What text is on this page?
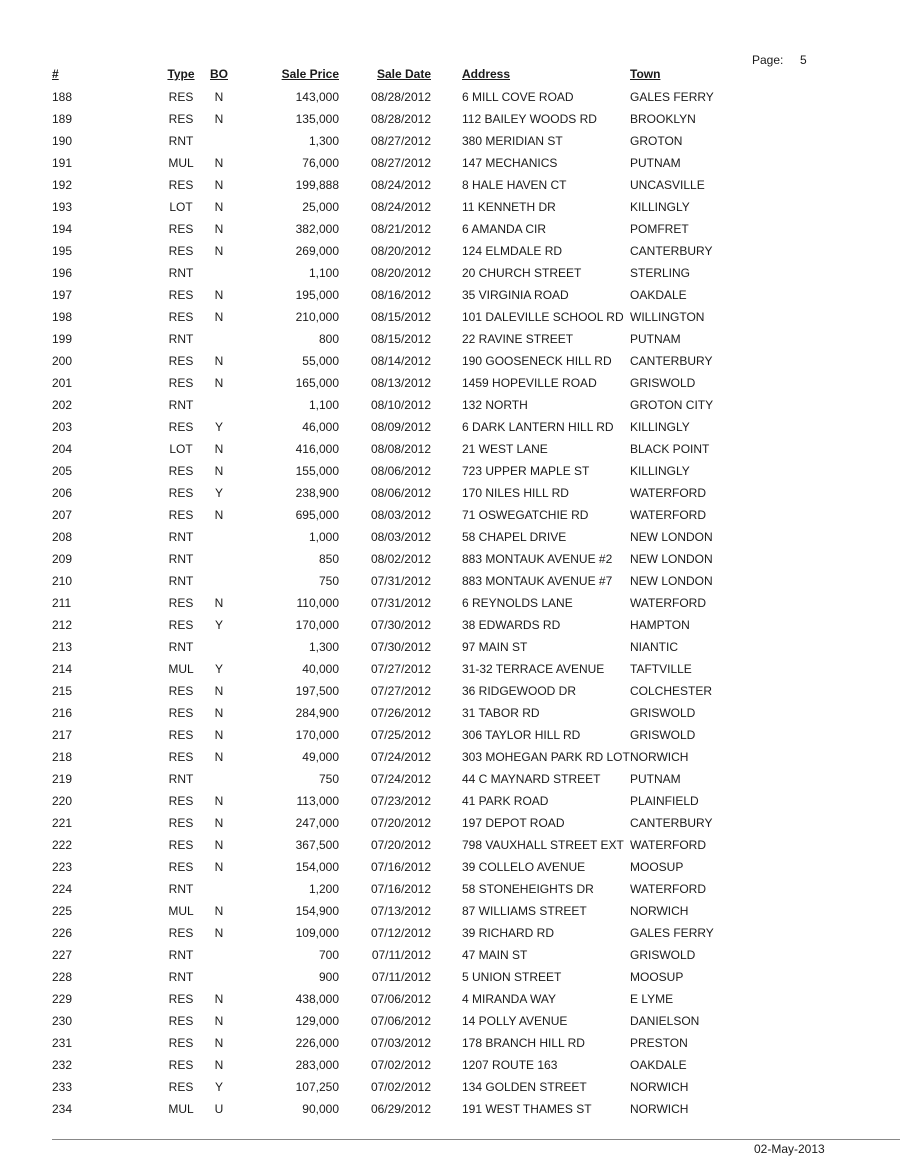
Page: 5
#	Type	BO	Sale Price	Sale Date		Address	Town
188	RES	N	143,000	08/28/2012		6 MILL COVE ROAD	GALES FERRY
189	RES	N	135,000	08/28/2012		112 BAILEY WOODS RD	BROOKLYN
190	RNT		1,300	08/27/2012		380 MERIDIAN ST	GROTON
191	MUL	N	76,000	08/27/2012		147 MECHANICS	PUTNAM
192	RES	N	199,888	08/24/2012		8 HALE HAVEN CT	UNCASVILLE
193	LOT	N	25,000	08/24/2012		11 KENNETH DR	KILLINGLY
194	RES	N	382,000	08/21/2012		6 AMANDA CIR	POMFRET
195	RES	N	269,000	08/20/2012		124 ELMDALE RD	CANTERBURY
196	RNT		1,100	08/20/2012		20 CHURCH STREET	STERLING
197	RES	N	195,000	08/16/2012		35 VIRGINIA ROAD	OAKDALE
198	RES	N	210,000	08/15/2012		101 DALEVILLE SCHOOL RD	WILLINGTON
199	RNT		800	08/15/2012		22 RAVINE STREET	PUTNAM
200	RES	N	55,000	08/14/2012		190 GOOSENECK HILL RD	CANTERBURY
201	RES	N	165,000	08/13/2012		1459 HOPEVILLE ROAD	GRISWOLD
202	RNT		1,100	08/10/2012		132 NORTH	GROTON CITY
203	RES	Y	46,000	08/09/2012		6 DARK LANTERN HILL RD	KILLINGLY
204	LOT	N	416,000	08/08/2012		21 WEST LANE	BLACK POINT
205	RES	N	155,000	08/06/2012		723 UPPER MAPLE ST	KILLINGLY
206	RES	Y	238,900	08/06/2012		170 NILES HILL RD	WATERFORD
207	RES	N	695,000	08/03/2012		71 OSWEGATCHIE RD	WATERFORD
208	RNT		1,000	08/03/2012		58 CHAPEL DRIVE	NEW LONDON
209	RNT		850	08/02/2012		883 MONTAUK AVENUE #2	NEW LONDON
210	RNT		750	07/31/2012		883 MONTAUK AVENUE #7	NEW LONDON
211	RES	N	110,000	07/31/2012		6 REYNOLDS LANE	WATERFORD
212	RES	Y	170,000	07/30/2012		38 EDWARDS RD	HAMPTON
213	RNT		1,300	07/30/2012		97 MAIN ST	NIANTIC
214	MUL	Y	40,000	07/27/2012		31-32 TERRACE AVENUE	TAFTVILLE
215	RES	N	197,500	07/27/2012		36 RIDGEWOOD DR	COLCHESTER
216	RES	N	284,900	07/26/2012		31 TABOR RD	GRISWOLD
217	RES	N	170,000	07/25/2012		306 TAYLOR HILL RD	GRISWOLD
218	RES	N	49,000	07/24/2012		303 MOHEGAN PARK RD LOT	NORWICH
219	RNT		750	07/24/2012		44 C MAYNARD STREET	PUTNAM
220	RES	N	113,000	07/23/2012		41 PARK ROAD	PLAINFIELD
221	RES	N	247,000	07/20/2012		197 DEPOT ROAD	CANTERBURY
222	RES	N	367,500	07/20/2012		798 VAUXHALL STREET EXT	WATERFORD
223	RES	N	154,000	07/16/2012		39 COLLELO AVENUE	MOOSUP
224	RNT		1,200	07/16/2012		58 STONEHEIGHTS DR	WATERFORD
225	MUL	N	154,900	07/13/2012		87 WILLIAMS STREET	NORWICH
226	RES	N	109,000	07/12/2012		39 RICHARD RD	GALES FERRY
227	RNT		700	07/11/2012		47 MAIN ST	GRISWOLD
228	RNT		900	07/11/2012		5 UNION STREET	MOOSUP
229	RES	N	438,000	07/06/2012		4 MIRANDA WAY	E LYME
230	RES	N	129,000	07/06/2012		14 POLLY AVENUE	DANIELSON
231	RES	N	226,000	07/03/2012		178 BRANCH HILL RD	PRESTON
232	RES	N	283,000	07/02/2012		1207 ROUTE 163	OAKDALE
233	RES	Y	107,250	07/02/2012		134 GOLDEN STREET	NORWICH
234	MUL	U	90,000	06/29/2012		191 WEST THAMES ST	NORWICH
02-May-2013
